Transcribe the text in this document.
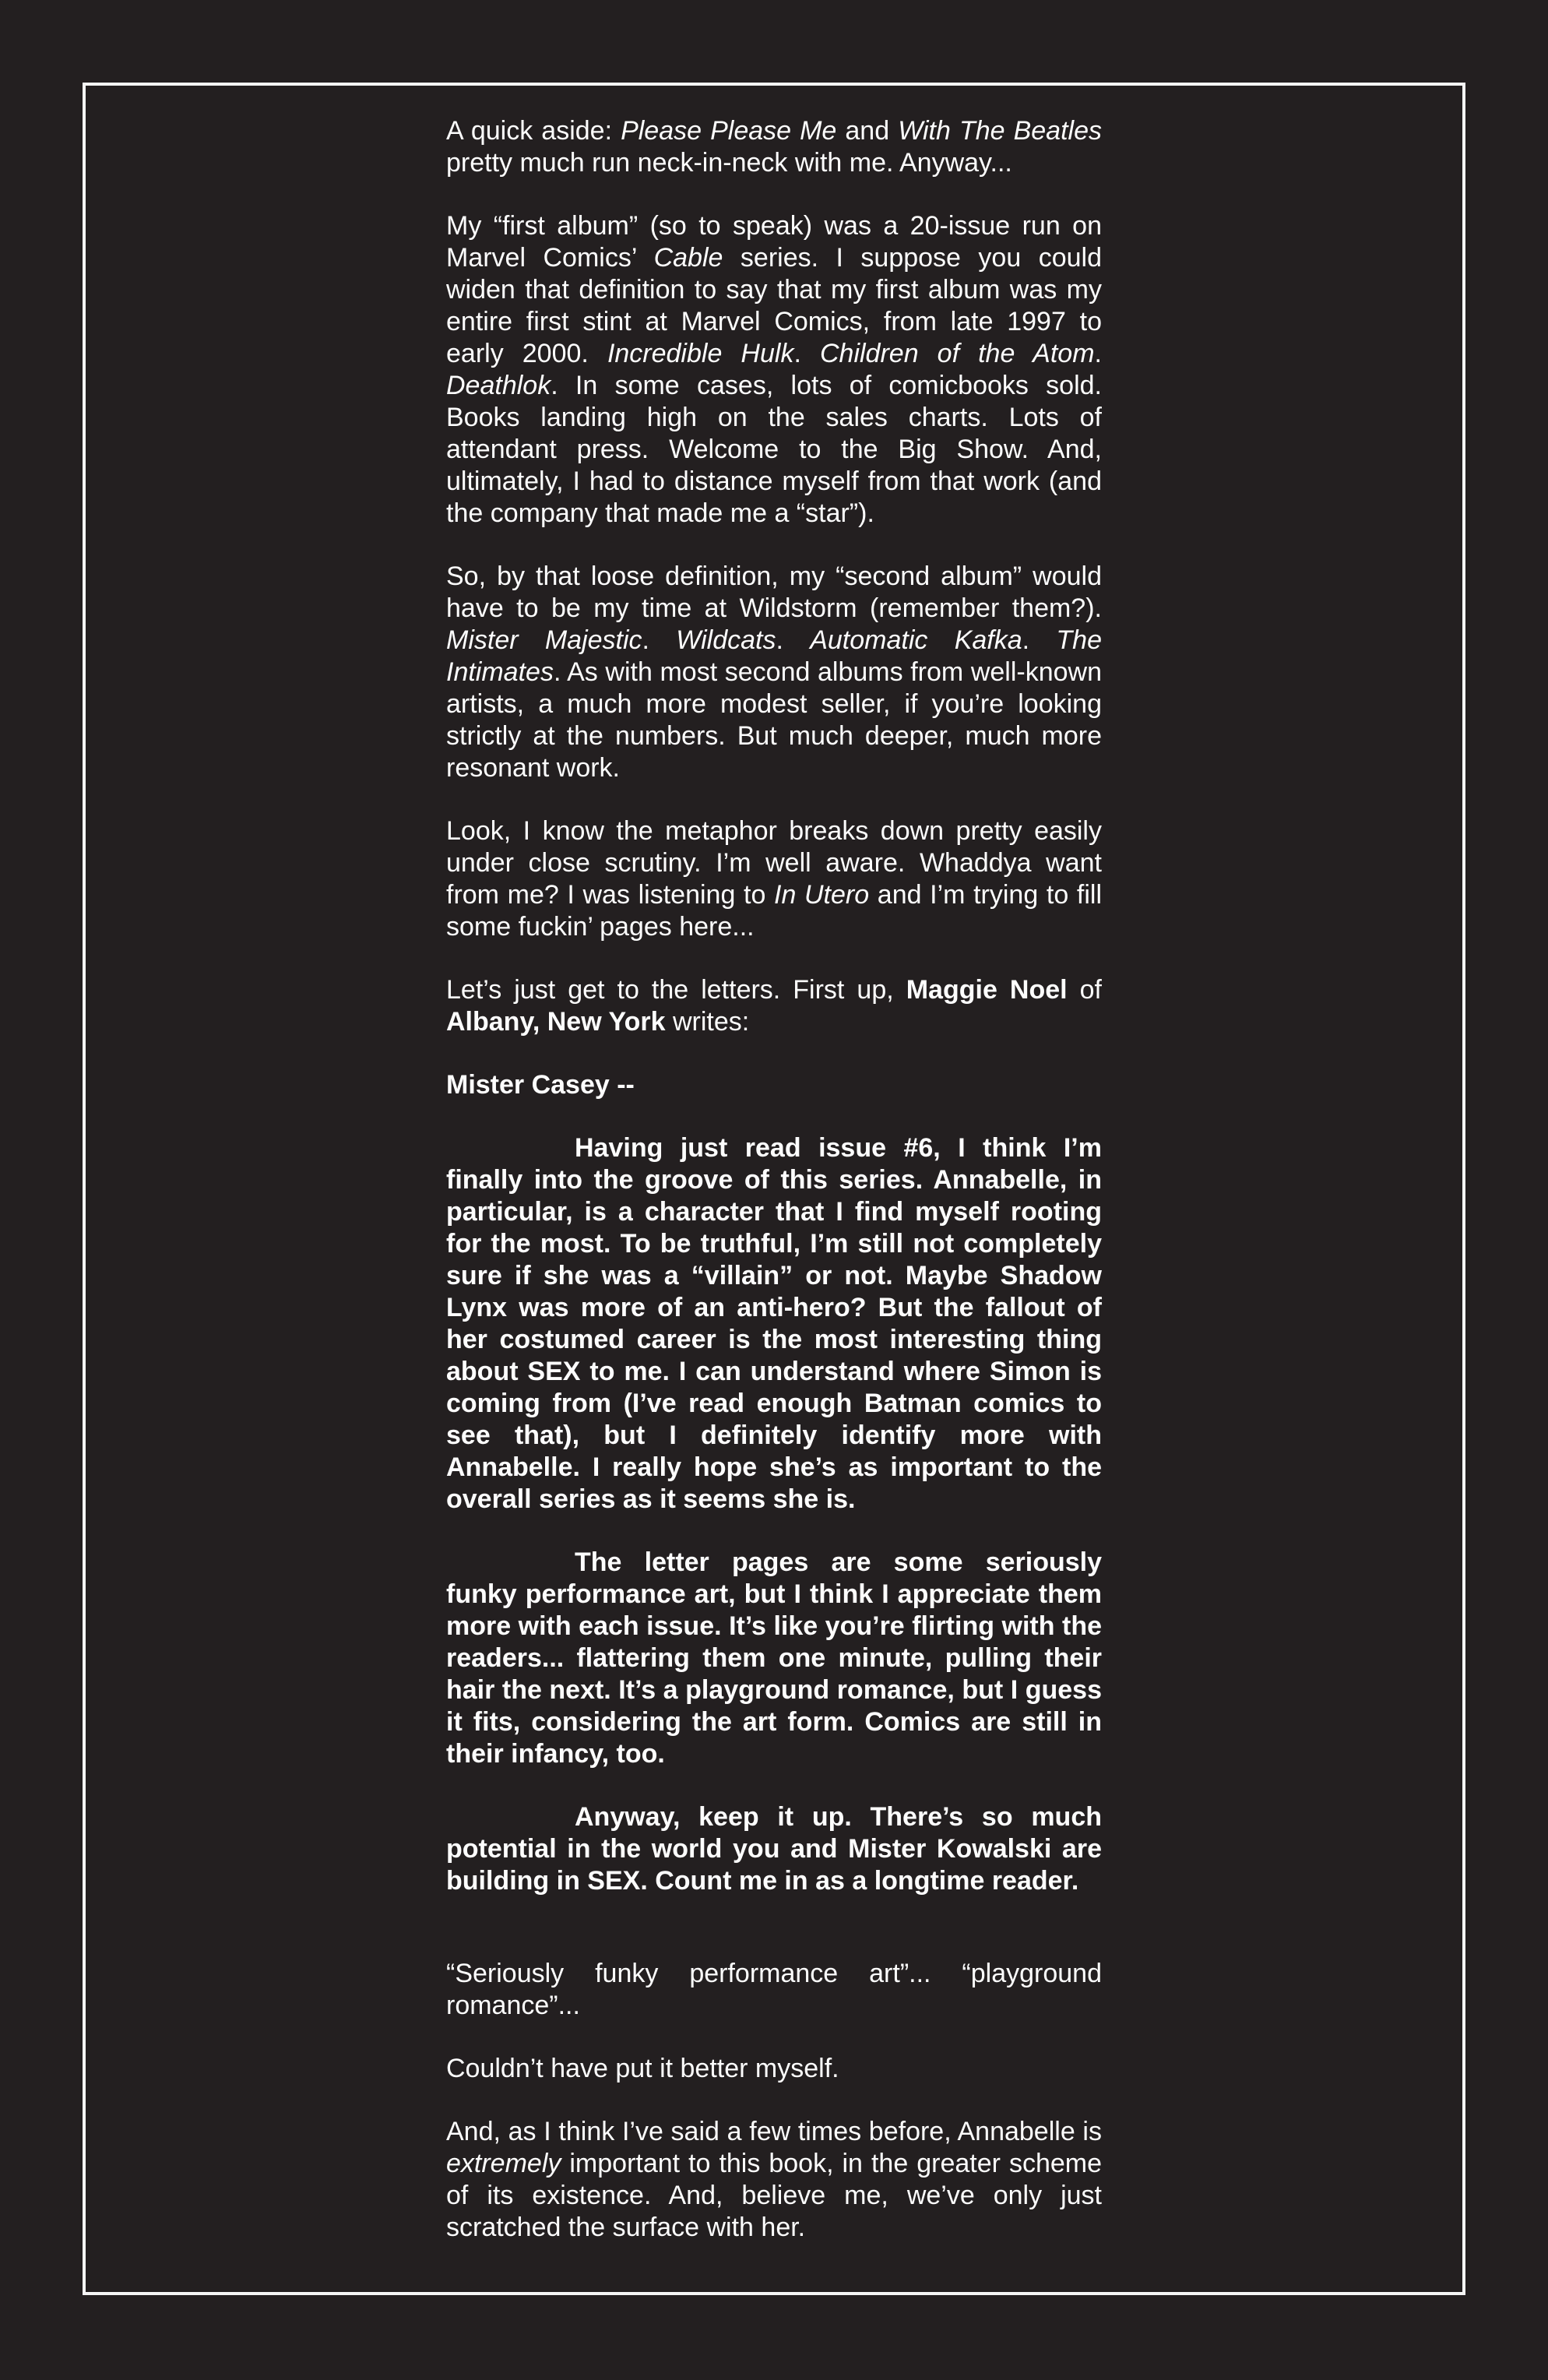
A quick aside: Please Please Me and With The Beatles pretty much run neck-in-neck with me. Anyway...

My “first album” (so to speak) was a 20-issue run on Marvel Comics’ Cable series. I suppose you could widen that definition to say that my first album was my entire first stint at Marvel Comics, from late 1997 to early 2000. Incredible Hulk. Children of the Atom. Deathlok. In some cases, lots of comicbooks sold. Books landing high on the sales charts. Lots of attendant press. Welcome to the Big Show. And, ultimately, I had to distance myself from that work (and the company that made me a “star”).

So, by that loose definition, my “second album” would have to be my time at Wildstorm (remember them?). Mister Majestic. Wildcats. Automatic Kafka. The Intimates. As with most second albums from well-known artists, a much more modest seller, if you’re looking strictly at the numbers. But much deeper, much more resonant work.

Look, I know the metaphor breaks down pretty easily under close scrutiny. I’m well aware. Whaddya want from me? I was listening to In Utero and I’m trying to fill some fuckin’ pages here...

Let’s just get to the letters. First up, Maggie Noel of Albany, New York writes:

Mister Casey --

Having just read issue #6, I think I’m finally into the groove of this series. Annabelle, in particular, is a character that I find myself rooting for the most. To be truthful, I’m still not completely sure if she was a “villain” or not. Maybe Shadow Lynx was more of an anti-hero? But the fallout of her costumed career is the most interesting thing about SEX to me. I can understand where Simon is coming from (I’ve read enough Batman comics to see that), but I definitely identify more with Annabelle. I really hope she’s as important to the overall series as it seems she is.

The letter pages are some seriously funky performance art, but I think I appreciate them more with each issue. It’s like you’re flirting with the readers... flattering them one minute, pulling their hair the next. It’s a playground romance, but I guess it fits, considering the art form. Comics are still in their infancy, too.

Anyway, keep it up. There’s so much potential in the world you and Mister Kowalski are building in SEX. Count me in as a longtime reader.

“Seriously funky performance art”... “playground romance”...

Couldn’t have put it better myself.

And, as I think I’ve said a few times before, Annabelle is extremely important to this book, in the greater scheme of its existence. And, believe me, we’ve only just scratched the surface with her.
